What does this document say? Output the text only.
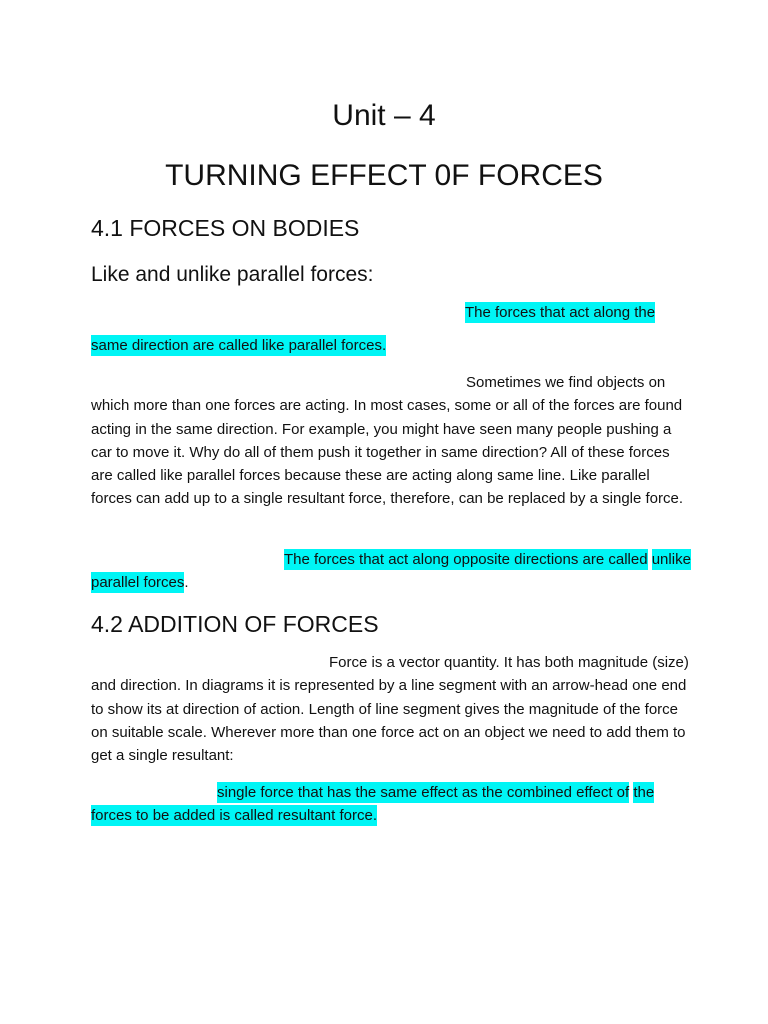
Unit – 4
TURNING EFFECT 0F FORCES
4.1 FORCES ON BODIES
Like and unlike parallel forces:
The forces that act along the
same direction are called like parallel forces.
Sometimes we find objects on which more than one forces are acting. In most cases, some or all of the forces are found acting in the same direction. For example, you might have seen many people pushing a car to move it. Why do all of them push it together in same direction? All of these forces are called like parallel forces because these are acting along same line. Like parallel forces can add up to a single resultant force, therefore, can be replaced by a single force.
The forces that act along opposite directions are called unlike parallel forces.
4.2 ADDITION OF FORCES
Force is a vector quantity. It has both magnitude (size) and direction. In diagrams it is represented by a line segment with an arrow-head one end to show its at direction of action. Length of line segment gives the magnitude of the force on suitable scale. Wherever more than one force act on an object we need to add them to get a single resultant:
single force that has the same effect as the combined effect of the forces to be added is called resultant force.
